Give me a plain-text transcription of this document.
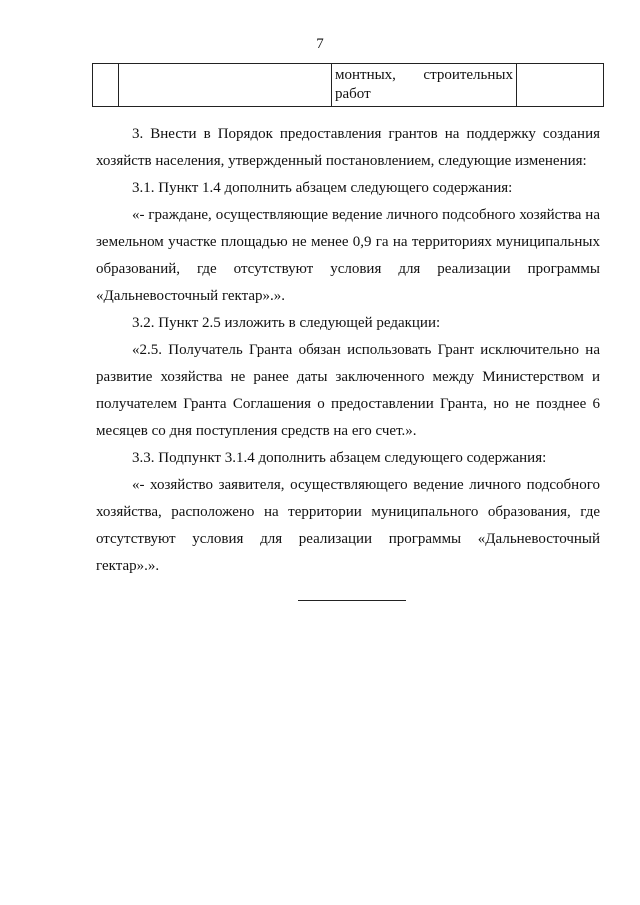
7

монтных, строительных
работ

3. Внести в Порядок предоставления грантов на поддержку создания хозяйств населения, утвержденный постановлением, следующие изменения:

3.1. Пункт 1.4 дополнить абзацем следующего содержания:

«- граждане, осуществляющие ведение личного подсобного хозяйства на земельном участке площадью не менее 0,9 га на территориях муниципальных образований, где отсутствуют условия для реализации программы «Дальневосточный гектар».».

3.2. Пункт 2.5 изложить в следующей редакции:

«2.5. Получатель Гранта обязан использовать Грант исключительно на развитие хозяйства не ранее даты заключенного между Министерством и получателем Гранта Соглашения о предоставлении Гранта, но не позднее 6 месяцев со дня поступления средств на его счет.».

3.3. Подпункт 3.1.4 дополнить абзацем следующего содержания:

«- хозяйство заявителя, осуществляющего ведение личного подсобного хозяйства, расположено на территории муниципального образования, где отсутствуют условия для реализации программы «Дальневосточный гектар».».
